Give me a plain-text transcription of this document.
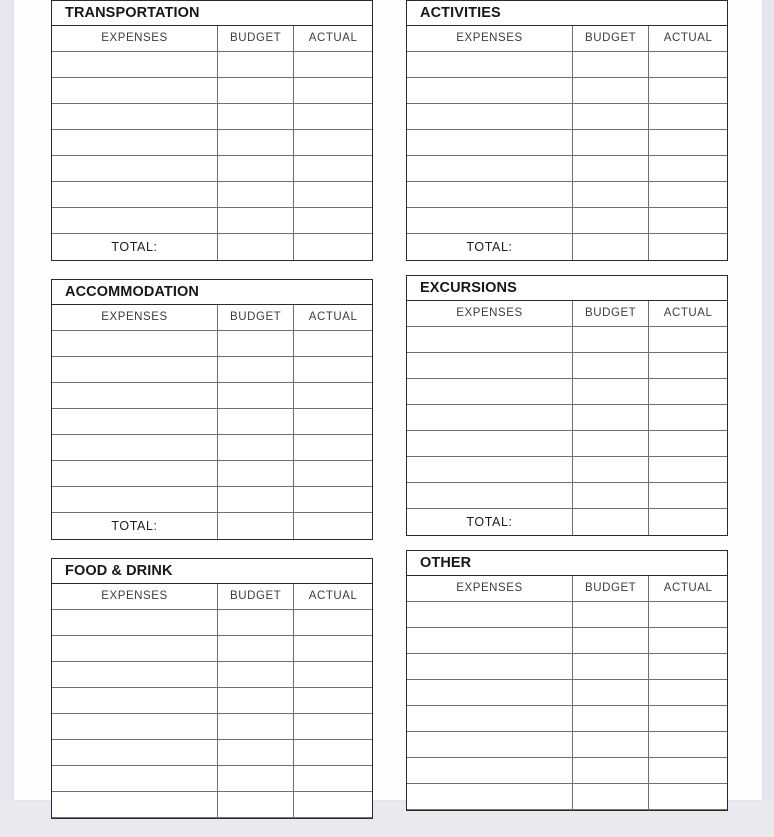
TRANSPORTATION
EXPENSES	BUDGET	ACTUAL

TOTAL:		
ACCOMMODATION
EXPENSES	BUDGET	ACTUAL

TOTAL:		
FOOD & DRINK
EXPENSES	BUDGET	ACTUAL

ACTIVITIES
EXPENSES	BUDGET	ACTUAL

TOTAL:		
EXCURSIONS
EXPENSES	BUDGET	ACTUAL

TOTAL:		
OTHER
EXPENSES	BUDGET	ACTUAL
